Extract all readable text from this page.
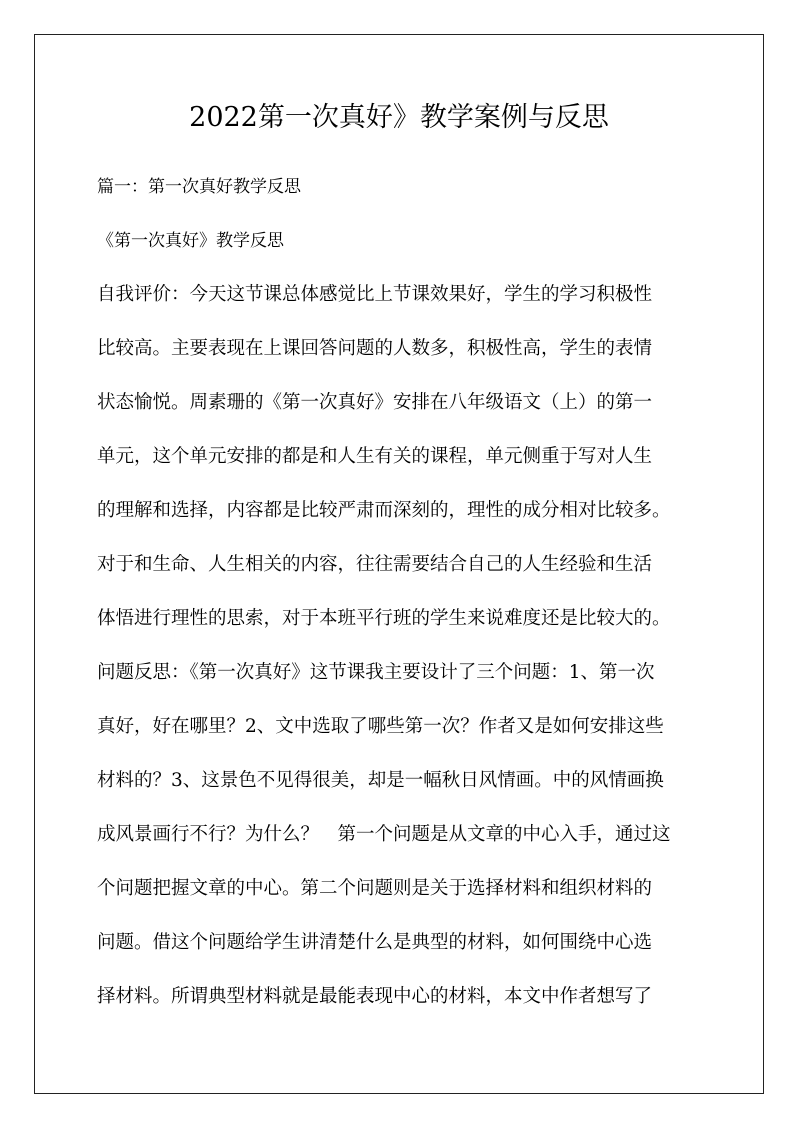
2022第一次真好》教学案例与反思
篇一：第一次真好教学反思
《第一次真好》教学反思
自我评价：今天这节课总体感觉比上节课效果好，学生的学习积极性
比较高。主要表现在上课回答问题的人数多，积极性高，学生的表情
状态愉悦。周素珊的《第一次真好》安排在八年级语文（上）的第一
单元，这个单元安排的都是和人生有关的课程，单元侧重于写对人生
的理解和选择，内容都是比较严肃而深刻的，理性的成分相对比较多。
对于和生命、人生相关的内容，往往需要结合自己的人生经验和生活
体悟进行理性的思索，对于本班平行班的学生来说难度还是比较大的。
问题反思：《第一次真好》这节课我主要设计了三个问题：1、第一次
真好，好在哪里？2、文中选取了哪些第一次？作者又是如何安排这些
材料的？3、这景色不见得很美，却是一幅秋日风情画。中的风情画换
成风景画行不行？为什么？　第一个问题是从文章的中心入手，通过这
个问题把握文章的中心。第二个问题则是关于选择材料和组织材料的
问题。借这个问题给学生讲清楚什么是典型的材料，如何围绕中心选
择材料。所谓典型材料就是最能表现中心的材料，本文中作者想写了
